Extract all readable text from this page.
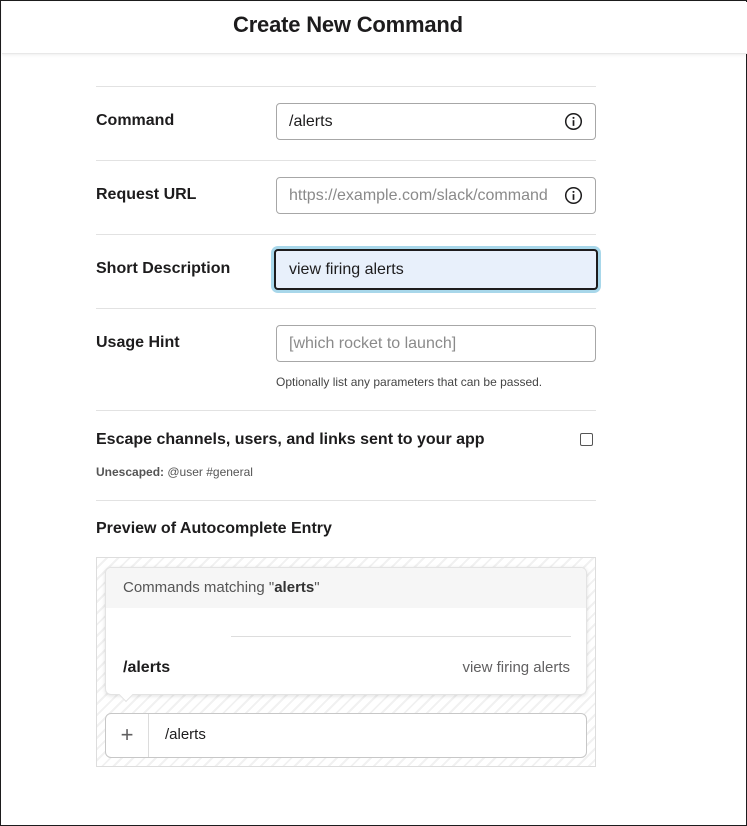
Create New Command
Command	/alerts
Request URL	https://example.com/slack/command
Short Description	view firing alerts
Usage Hint	[which rocket to launch]
Optionally list any parameters that can be passed.
Escape channels, users, and links sent to your app
Unescaped: @user #general
Preview of Autocomplete Entry
Commands matching "alerts"
/alerts	view firing alerts
+	/alerts
